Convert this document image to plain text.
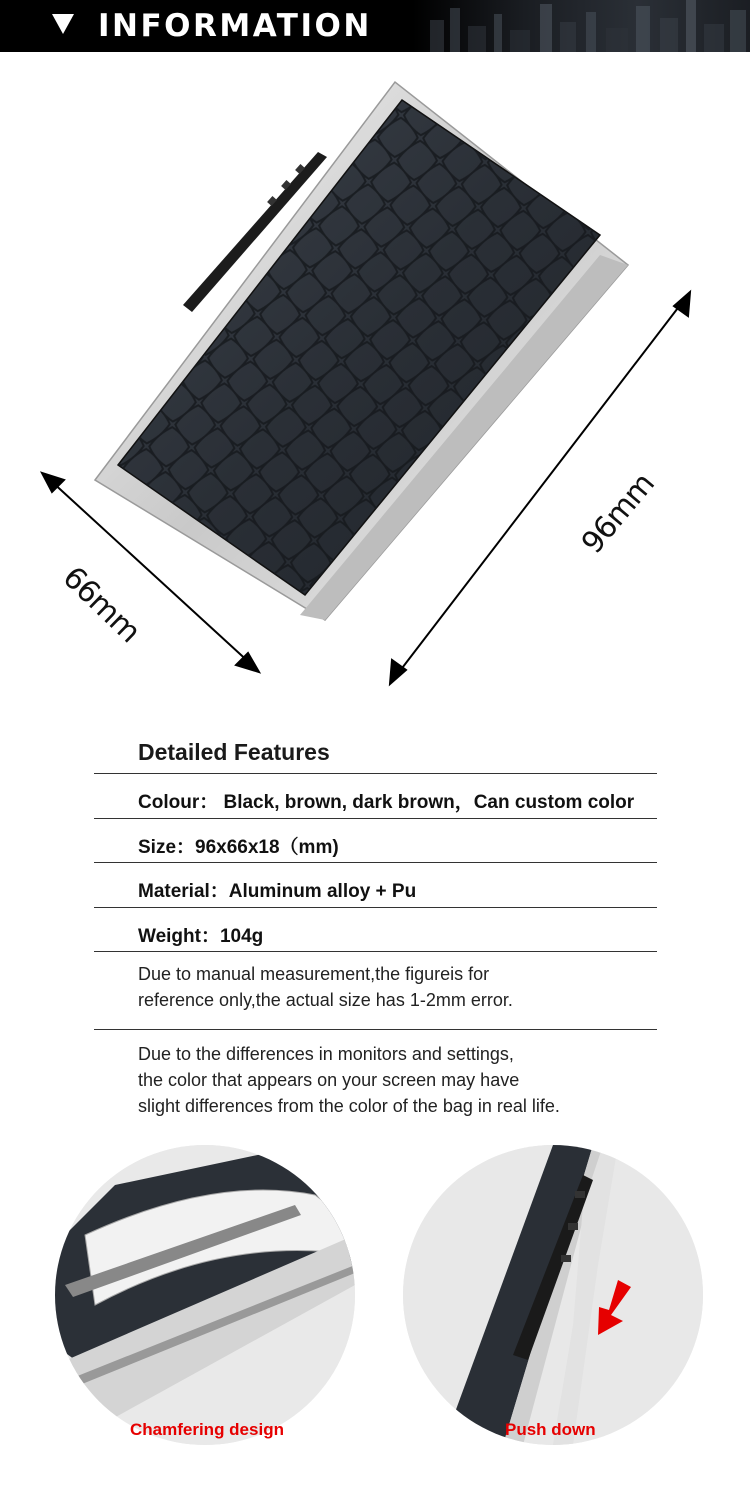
INFORMATION
66mm
96mm
Detailed Features
Colour： Black, brown, dark brown，Can custom color
Size：96x66x18（mm)
Material：Aluminum alloy + Pu
Weight：104g
Due to manual measurement,the figureis for
reference only,the actual size has 1-2mm error.
Due to the differences in monitors and settings,
the color that appears on your screen may have
slight differences from the color of the bag in real life.
Chamfering design	Push down
